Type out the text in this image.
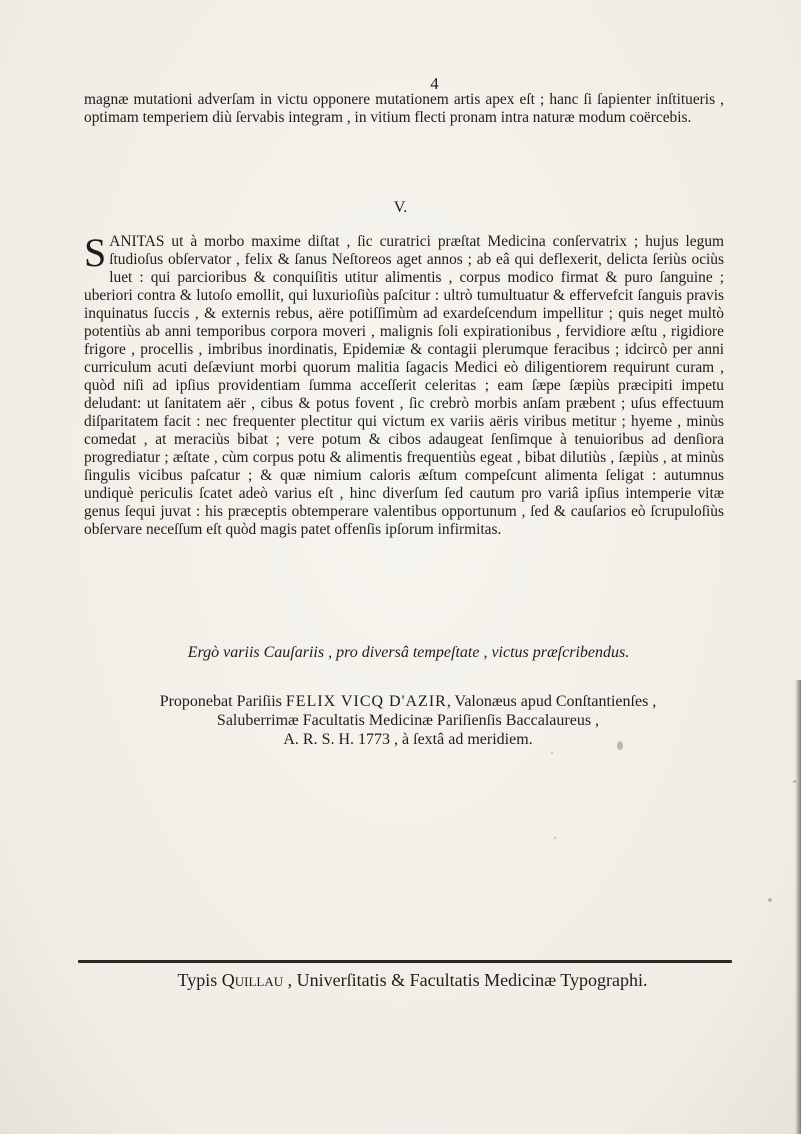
4
magnæ mutationi adverſam in victu opponere mutationem artis apex eſt ; hanc ſi ſapienter inſtitueris , optimam temperiem diù ſervabis integram , in vitium flecti pronam intra naturæ modum coërcebis.
V.
SANITAS ut à morbo maxime diſtat , ſic curatrici præſtat Medicina conſervatrix ; hujus legum ſtudioſus obſervator , felix & ſanus Neſtoreos aget annos ; ab eâ qui deflexerit, delicta ſeriùs ociùs luet : qui parcioribus & conquiſitis utitur alimentis , corpus modico firmat & puro ſanguine ; uberiori contra & lutoſo emollit, qui luxurioſiùs paſcitur : ultrò tumultuatur & effervefcit ſanguis pravis inquinatus ſuccis , & externis rebus, aëre potiſſimùm ad exardeſcendum impellitur ; quis neget multò potentiùs ab anni temporibus corpora moveri , malignis ſoli expirationibus , fervidiore æſtu , rigidiore frigore , procellis , imbribus inordinatis, Epidemiæ & contagii plerumque feracibus ; idcircò per anni curriculum acuti deſæviunt morbi quorum malitia ſagacis Medici eò diligentiorem requirunt curam , quòd niſi ad ipſius providentiam ſumma acceſſerit celeritas ; eam ſæpe ſæpiùs præcipiti impetu deludant: ut ſanitatem aër , cibus & potus fovent , ſic crebrò morbis anſam præbent ; uſus effectuum diſparitatem facit : nec frequenter plectitur qui victum ex variis aëris viribus metitur ; hyeme , minùs comedat , at meraciùs bibat ; vere potum & cibos adaugeat ſenſimque à tenuioribus ad denſiora progrediatur ; æſtate , cùm corpus potu & alimentis frequentiùs egeat , bibat dilutiùs , ſæpiùs , at minùs ſingulis vicibus paſcatur ; & quæ nimium caloris æſtum compeſcunt alimenta ſeligat : autumnus undiquè periculis ſcatet adeò varius eſt , hinc diverſum ſed cautum pro variâ ipſius intemperie vitæ genus ſequi juvat : his præceptis obtemperare valentibus opportunum , ſed & cauſarios eò ſcrupuloſiùs obſervare neceſſum eſt quòd magis patet offenſis ipſorum infirmitas.
Ergò variis Cauſariis , pro diversâ tempeſtate , victus præſcribendus.
Proponebat Pariſiis FELIX VICQ D'AZIR, Valonæus apud Conſtantienſes ,
Saluberrimæ Facultatis Medicinæ Pariſienſis Baccalaureus ,
A. R. S. H. 1773 , à ſextâ ad meridiem.
Typis Quillau , Univerſitatis & Facultatis Medicinæ Typographi.
